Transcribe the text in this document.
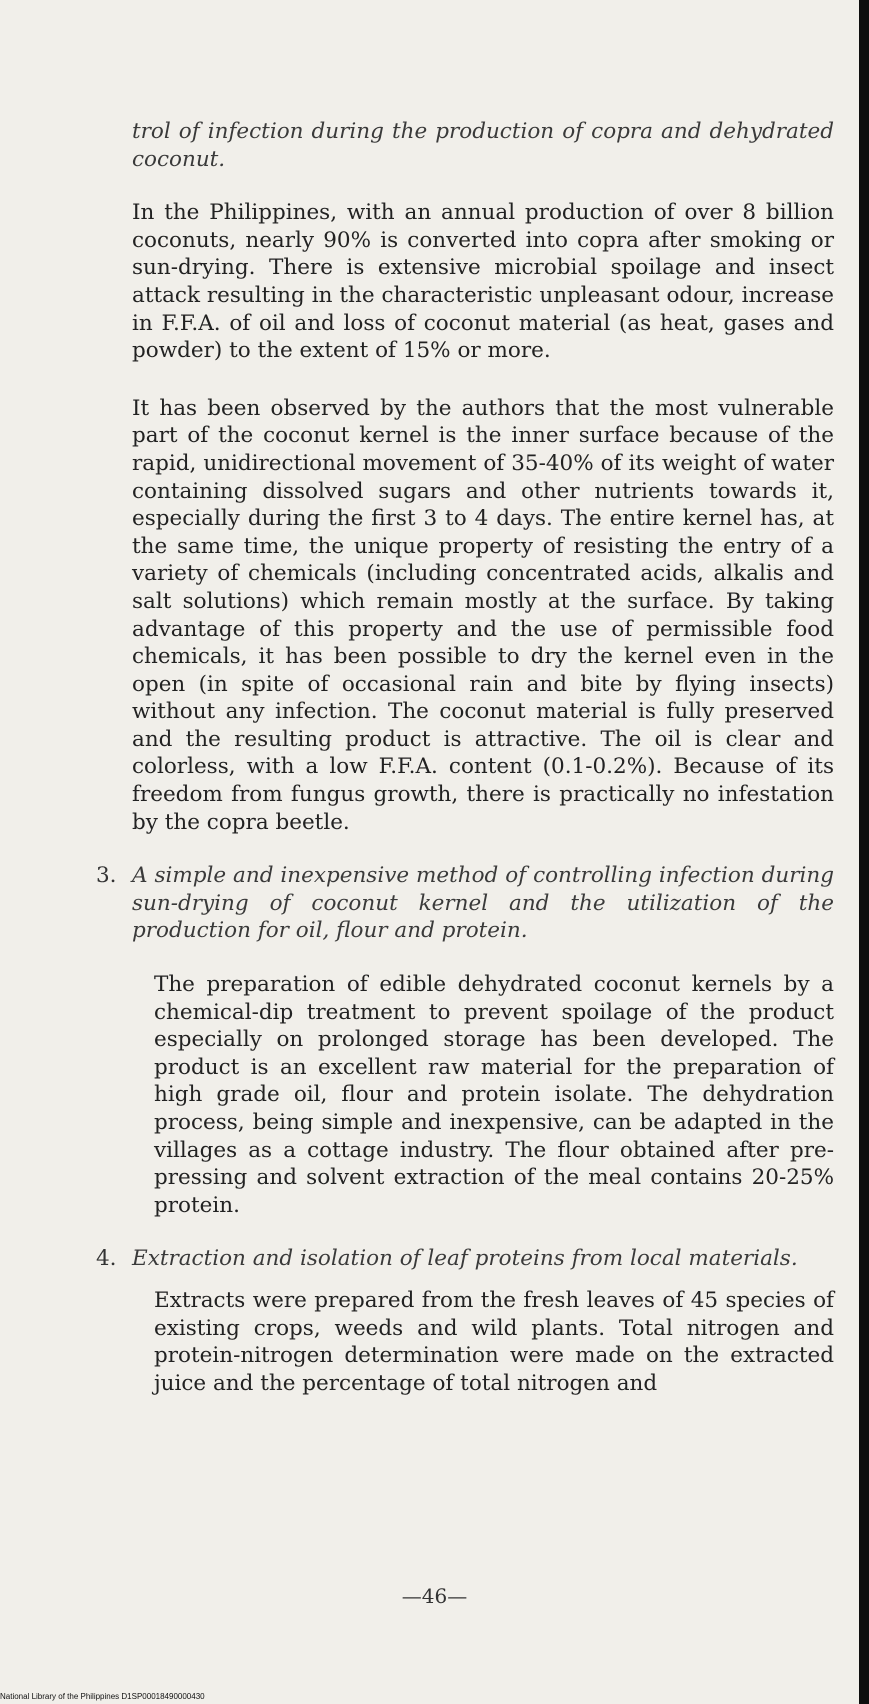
trol of infection during the production of copra and dehydrated coconut.

In the Philippines, with an annual production of over 8 billion coconuts, nearly 90% is converted into copra after smoking or sun-drying. There is extensive microbial spoilage and insect attack resulting in the characteristic unpleasant odour, increase in F.F.A. of oil and loss of coconut material (as heat, gases and powder) to the extent of 15% or more.

It has been observed by the authors that the most vulnerable part of the coconut kernel is the inner surface because of the rapid, unidirectional movement of 35-40% of its weight of water containing dissolved sugars and other nutrients towards it, especially during the first 3 to 4 days. The entire kernel has, at the same time, the unique property of resisting the entry of a variety of chemicals (including concentrated acids, alkalis and salt solutions) which remain mostly at the surface. By taking advantage of this property and the use of permissible food chemicals, it has been possible to dry the kernel even in the open (in spite of occasional rain and bite by flying insects) without any infection. The coconut material is fully preserved and the resulting product is attractive. The oil is clear and colorless, with a low F.F.A. content (0.1-0.2%). Because of its freedom from fungus growth, there is practically no infestation by the copra beetle.

3. A simple and inexpensive method of controlling infection during sun-drying of coconut kernel and the utilization of the production for oil, flour and protein.

The preparation of edible dehydrated coconut kernels by a chemical-dip treatment to prevent spoilage of the product especially on prolonged storage has been developed. The product is an excellent raw material for the preparation of high grade oil, flour and protein isolate. The dehydration process, being simple and inexpensive, can be adapted in the villages as a cottage industry. The flour obtained after pre-pressing and solvent extraction of the meal contains 20-25% protein.

4. Extraction and isolation of leaf proteins from local materials.

Extracts were prepared from the fresh leaves of 45 species of existing crops, weeds and wild plants. Total nitrogen and protein-nitrogen determination were made on the extracted juice and the percentage of total nitrogen and

—46—
National Library of the Philippines D1SP00018490000430
